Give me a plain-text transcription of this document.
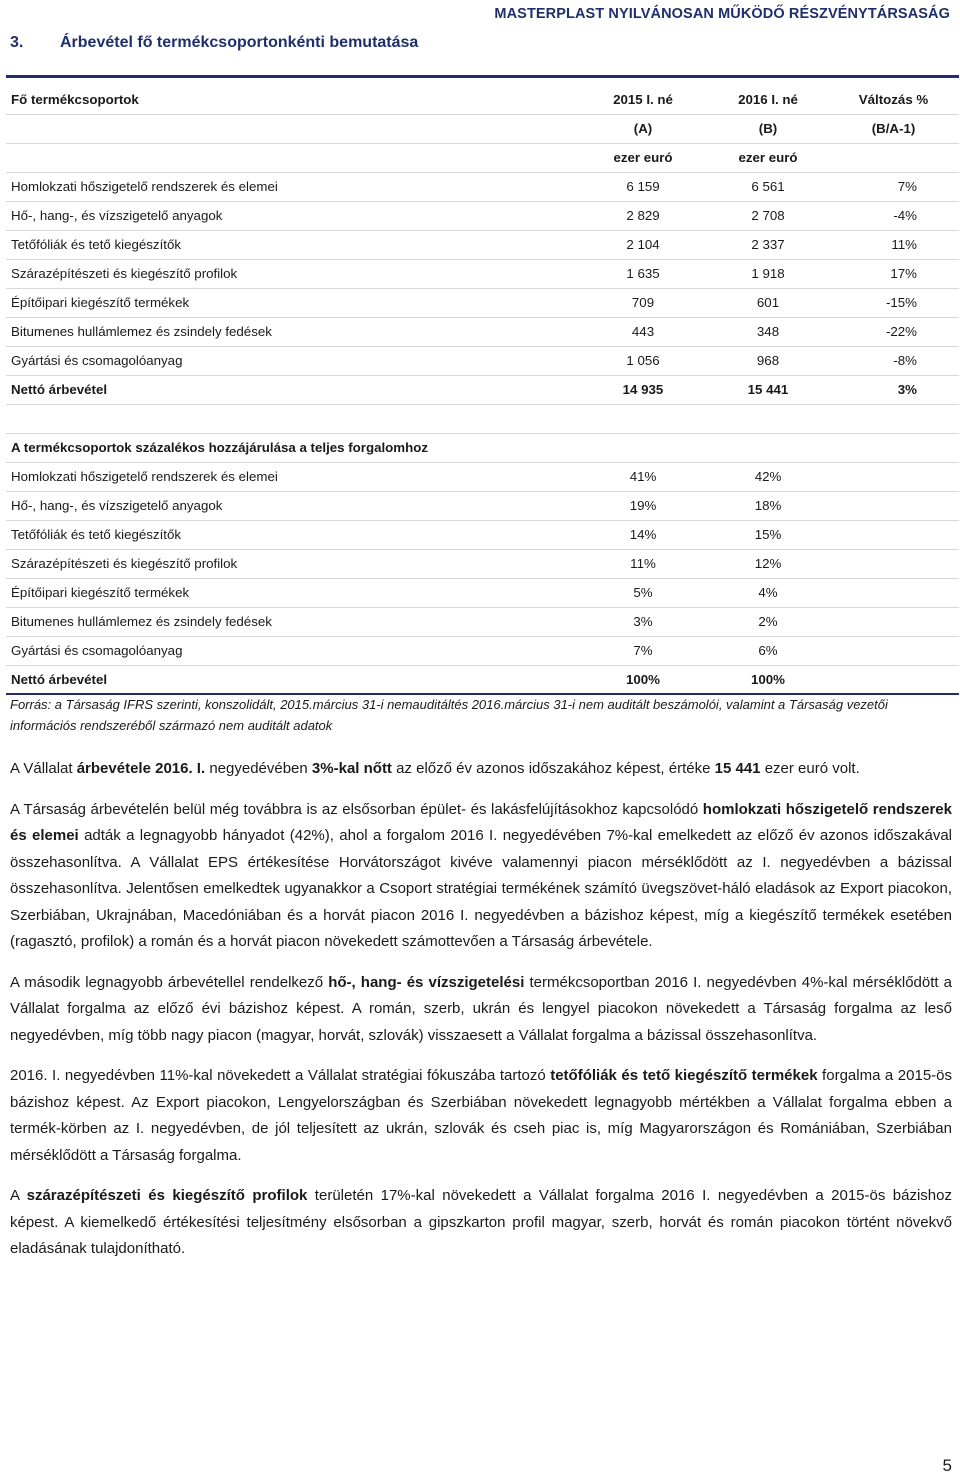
MASTERPLAST NYILVÁNOSAN MŰKÖDŐ RÉSZVÉNYTÁRSASÁG
3. Árbevétel fő termékcsoportonkénti bemutatása
Fő termékcsoportok	2015 I. né	2016 I. né	Változás %
	(A)	(B)	(B/A-1)
	ezer euró	ezer euró	
Homlokzati hőszigetelő rendszerek és elemei	6 159	6 561	7%
Hő-, hang-, és vízszigetelő anyagok	2 829	2 708	-4%
Tetőfóliák és tető kiegészítők	2 104	2 337	11%
Szárazépítészeti és kiegészítő profilok	1 635	1 918	17%
Építőipari kiegészítő termékek	709	601	-15%
Bitumenes hullámlemez és zsindely fedések	443	348	-22%
Gyártási és csomagolóanyag	1 056	968	-8%
Nettó árbevétel	14 935	15 441	3%

A termékcsoportok százalékos hozzájárulása a teljes forgalomhoz			
Homlokzati hőszigetelő rendszerek és elemei	41%	42%	
Hő-, hang-, és vízszigetelő anyagok	19%	18%	
Tetőfóliák és tető kiegészítők	14%	15%	
Szárazépítészeti és kiegészítő profilok	11%	12%	
Építőipari kiegészítő termékek	5%	4%	
Bitumenes hullámlemez és zsindely fedések	3%	2%	
Gyártási és csomagolóanyag	7%	6%	
Nettó árbevétel	100%	100%	
Forrás: a Társaság IFRS szerinti, konszolidált, 2015.március 31-i nemauditáltés 2016.március 31-i nem auditált beszámolói, valamint a Társaság vezetői információs rendszeréből származó nem auditált adatok

A Vállalat árbevétele 2016. I. negyedévében 3%-kal nőtt az előző év azonos időszakához képest, értéke 15 441 ezer euró volt.

A Társaság árbevételén belül még továbbra is az elsősorban épület- és lakásfelújításokhoz kapcsolódó homlokzati hőszigetelő rendszerek és elemei adták a legnagyobb hányadot (42%), ahol a forgalom 2016 I. negyedévében 7%-kal emelkedett az előző év azonos időszakával összehasonlítva. A Vállalat EPS értékesítése Horvátországot kivéve valamennyi piacon mérséklődött az I. negyedévben a bázissal összehasonlítva. Jelentősen emelkedtek ugyanakkor a Csoport stratégiai termékének számító üvegszövet-háló eladások az Export piacokon, Szerbiában, Ukrajnában, Macedóniában és a horvát piacon 2016 I. negyedévben a bázishoz képest, míg a kiegészítő termékek esetében (ragasztó, profilok) a román és a horvát piacon növekedett számottevően a Társaság árbevétele.

A második legnagyobb árbevétellel rendelkező hő-, hang- és vízszigetelési termékcsoportban 2016 I. negyedévben 4%-kal mérséklődött a Vállalat forgalma az előző évi bázishoz képest. A román, szerb, ukrán és lengyel piacokon növekedett a Társaság forgalma az leső negyedévben, míg több nagy piacon (magyar, horvát, szlovák) visszaesett a Vállalat forgalma a bázissal összehasonlítva.

2016. I. negyedévben 11%-kal növekedett a Vállalat stratégiai fókuszába tartozó tetőfóliák és tető kiegészítő termékek forgalma a 2015-ös bázishoz képest. Az Export piacokon, Lengyelországban és Szerbiában növekedett legnagyobb mértékben a Vállalat forgalma ebben a termék-körben az I. negyedévben, de jól teljesített az ukrán, szlovák és cseh piac is, míg Magyarországon és Romániában, Szerbiában mérséklődött a Társaság forgalma.

A szárazépítészeti és kiegészítő profilok területén 17%-kal növekedett a Vállalat forgalma 2016 I. negyedévben a 2015-ös bázishoz képest. A kiemelkedő értékesítési teljesítmény elsősorban a gipszkarton profil magyar, szerb, horvát és román piacokon történt növekvő eladásának tulajdonítható.

5
